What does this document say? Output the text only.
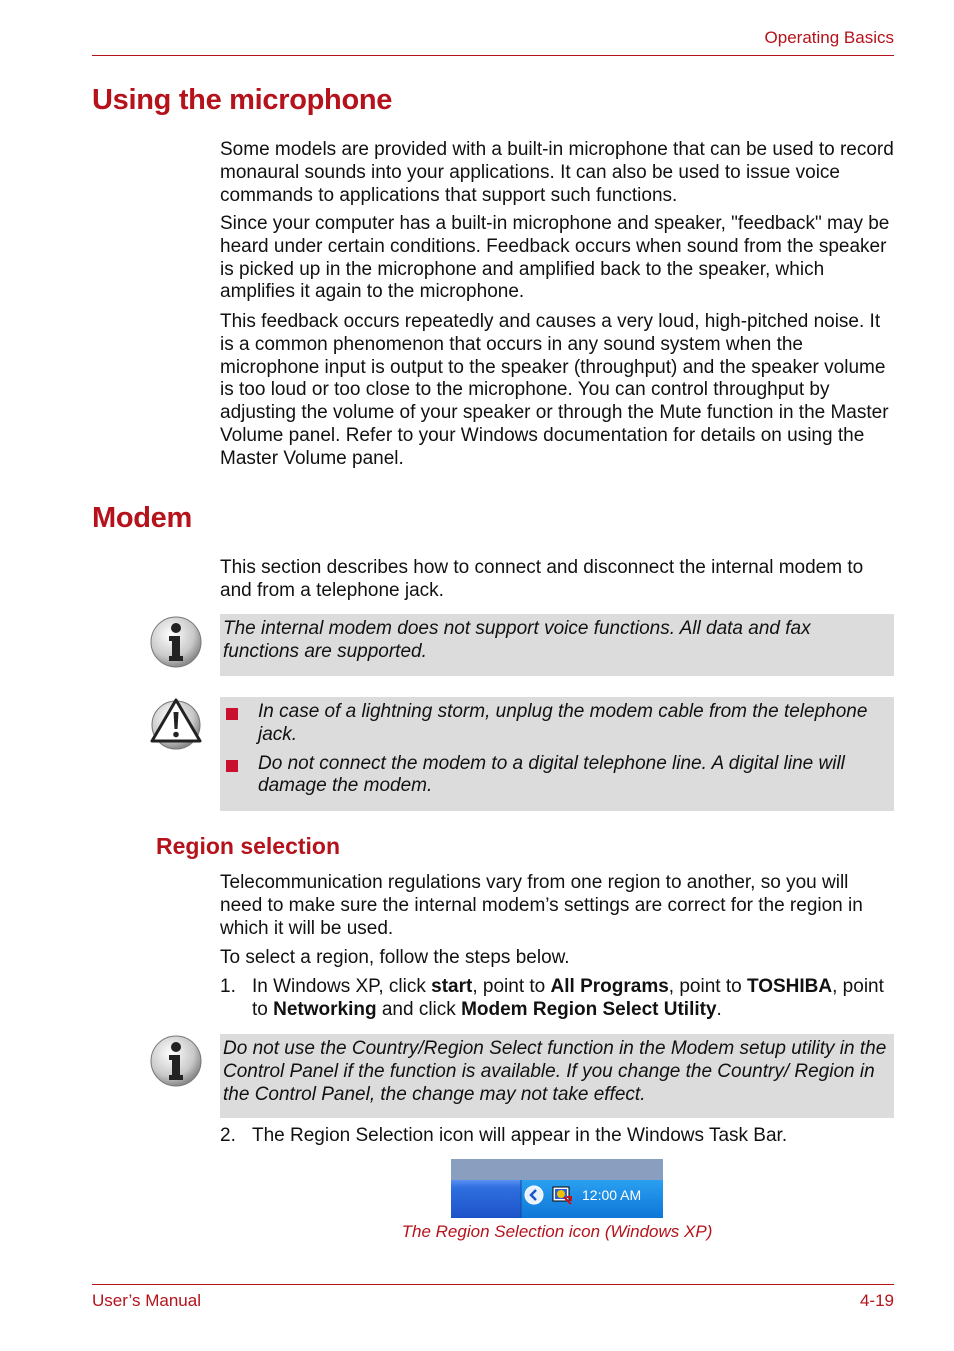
Operating Basics
Using the microphone
Some models are provided with a built-in microphone that can be used to record monaural sounds into your applications. It can also be used to issue voice commands to applications that support such functions.
Since your computer has a built-in microphone and speaker, "feedback" may be heard under certain conditions. Feedback occurs when sound from the speaker is picked up in the microphone and amplified back to the speaker, which amplifies it again to the microphone.
This feedback occurs repeatedly and causes a very loud, high-pitched noise. It is a common phenomenon that occurs in any sound system when the microphone input is output to the speaker (throughput) and the speaker volume is too loud or too close to the microphone. You can control throughput by adjusting the volume of your speaker or through the Mute function in the Master Volume panel. Refer to your Windows documentation for details on using the Master Volume panel.
Modem
This section describes how to connect and disconnect the internal modem to and from a telephone jack.
The internal modem does not support voice functions. All data and fax functions are supported.
In case of a lightning storm, unplug the modem cable from the telephone jack.
Do not connect the modem to a digital telephone line. A digital line will damage the modem.
Region selection
Telecommunication regulations vary from one region to another, so you will need to make sure the internal modem’s settings are correct for the region in which it will be used.
To select a region, follow the steps below.
1. In Windows XP, click start, point to All Programs, point to TOSHIBA, point to Networking and click Modem Region Select Utility.
Do not use the Country/Region Select function in the Modem setup utility in the Control Panel if the function is available. If you change the Country/ Region in the Control Panel, the change may not take effect.
2. The Region Selection icon will appear in the Windows Task Bar.
12:00 AM
The Region Selection icon (Windows XP)
User’s Manual	4-19
